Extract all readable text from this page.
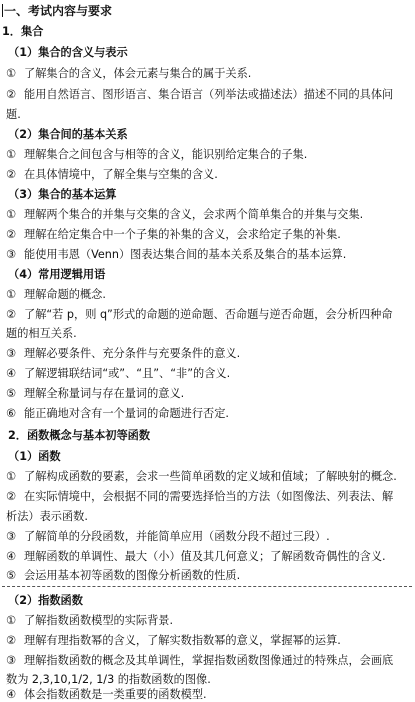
一、考试内容与要求
1．集合
（1）集合的含义与表示
① 了解集合的含义，体会元素与集合的属于关系.
② 能用自然语言、图形语言、集合语言（列举法或描述法）描述不同的具体问
题.
（2）集合间的基本关系
① 理解集合之间包含与相等的含义，能识别给定集合的子集.
② 在具体情境中，了解全集与空集的含义.
（3）集合的基本运算
① 理解两个集合的并集与交集的含义，会求两个简单集合的并集与交集.
② 理解在给定集合中一个子集的补集的含义，会求给定子集的补集.
③ 能使用韦恩（Venn）图表达集合间的基本关系及集合的基本运算.
（4）常用逻辑用语
① 理解命题的概念.
② 了解“若 p，则 q”形式的命题的逆命题、否命题与逆否命题，会分析四种命
题的相互关系.
③ 理解必要条件、充分条件与充要条件的意义.
④ 了解逻辑联结词“或”、“且”、“非”的含义.
⑤ 理解全称量词与存在量词的意义.
⑥ 能正确地对含有一个量词的命题进行否定.
2．函数概念与基本初等函数
（1）函数
① 了解构成函数的要素，会求一些简单函数的定义域和值域；了解映射的概念.
② 在实际情境中，会根据不同的需要选择恰当的方法（如图像法、列表法、解
析法）表示函数.
③ 了解简单的分段函数，并能简单应用（函数分段不超过三段）.
④ 理解函数的单调性、最大（小）值及其几何意义；了解函数奇偶性的含义.
⑤ 会运用基本初等函数的图像分析函数的性质.
（2）指数函数
① 了解指数函数模型的实际背景.
② 理解有理指数幂的含义，了解实数指数幂的意义，掌握幂的运算.
③ 理解指数函数的概念及其单调性，掌握指数函数图像通过的特殊点，会画底
数为 2,3,10,1/2, 1/3 的指数函数的图像.
④ 体会指数函数是一类重要的函数模型.
